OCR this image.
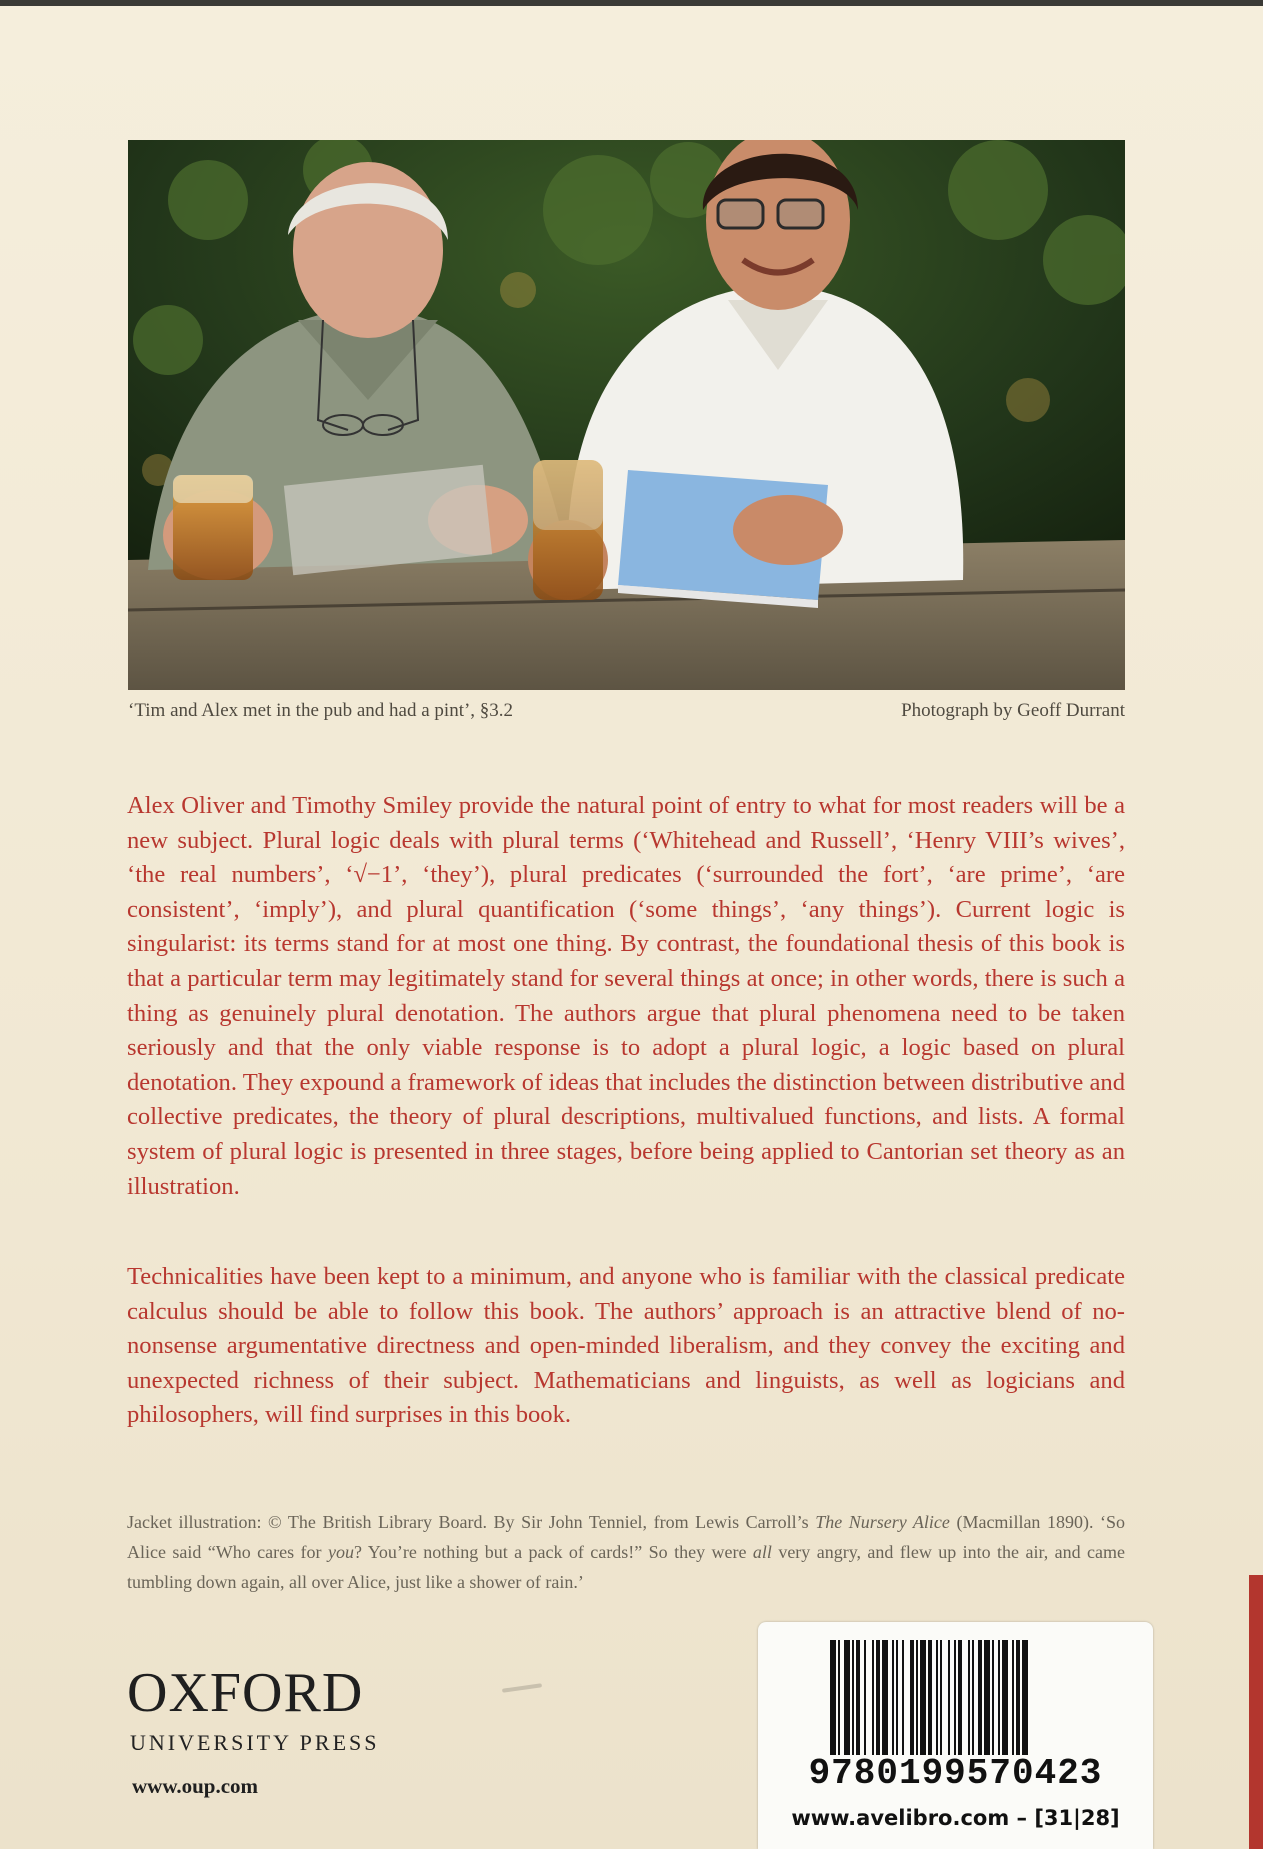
‘Tim and Alex met in the pub and had a pint’, §3.2	Photograph by Geoff Durrant

Alex Oliver and Timothy Smiley provide the natural point of entry to what for most readers will be a new subject. Plural logic deals with plural terms (‘Whitehead and Russell’, ‘Henry VIII’s wives’, ‘the real numbers’, ‘√−1’, ‘they’), plural predicates (‘surrounded the fort’, ‘are prime’, ‘are consistent’, ‘imply’), and plural quantification (‘some things’, ‘any things’). Current logic is singularist: its terms stand for at most one thing. By contrast, the foundational thesis of this book is that a particular term may legitimately stand for several things at once; in other words, there is such a thing as genuinely plural denotation. The authors argue that plural phenomena need to be taken seriously and that the only viable response is to adopt a plural logic, a logic based on plural denotation. They expound a framework of ideas that includes the distinction between distributive and collective predicates, the theory of plural descriptions, multivalued functions, and lists. A formal system of plural logic is presented in three stages, before being applied to Cantorian set theory as an illustration.

Technicalities have been kept to a minimum, and anyone who is familiar with the classical predicate calculus should be able to follow this book. The authors’ approach is an attractive blend of no-nonsense argumentative directness and open-minded liberalism, and they convey the exciting and unexpected richness of their subject. Mathematicians and linguists, as well as logicians and philosophers, will find surprises in this book.

Jacket illustration: © The British Library Board. By Sir John Tenniel, from Lewis Carroll’s The Nursery Alice (Macmillan 1890). ‘So Alice said “Who cares for you? You’re nothing but a pack of cards!” So they were all very angry, and flew up into the air, and came tumbling down again, all over Alice, just like a shower of rain.’

OXFORD
UNIVERSITY PRESS
www.oup.com	9780199570423
www.avelibro.com – [31|28]
